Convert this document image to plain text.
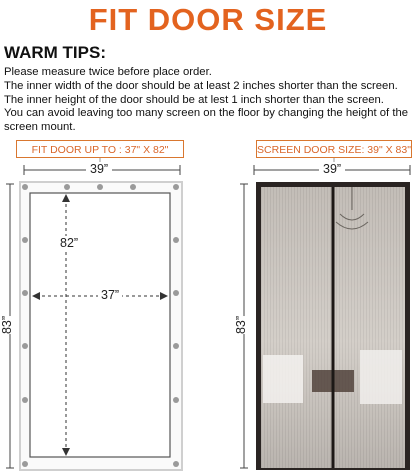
FIT DOOR SIZE
WARM TIPS:
Please measure twice before place order.
The inner width of the door should be at least 2 inches shorter than the screen.
The inner height of the door should be at lest 1 inch shorter than the screen.
You can avoid leaving too many screen on the floor by changing the height of the
screen mount.
FIT DOOR UP TO : 37" X 82"	SCREEN DOOR SIZE: 39" X 83"
39”
83”
82”
37”
39”
83”
